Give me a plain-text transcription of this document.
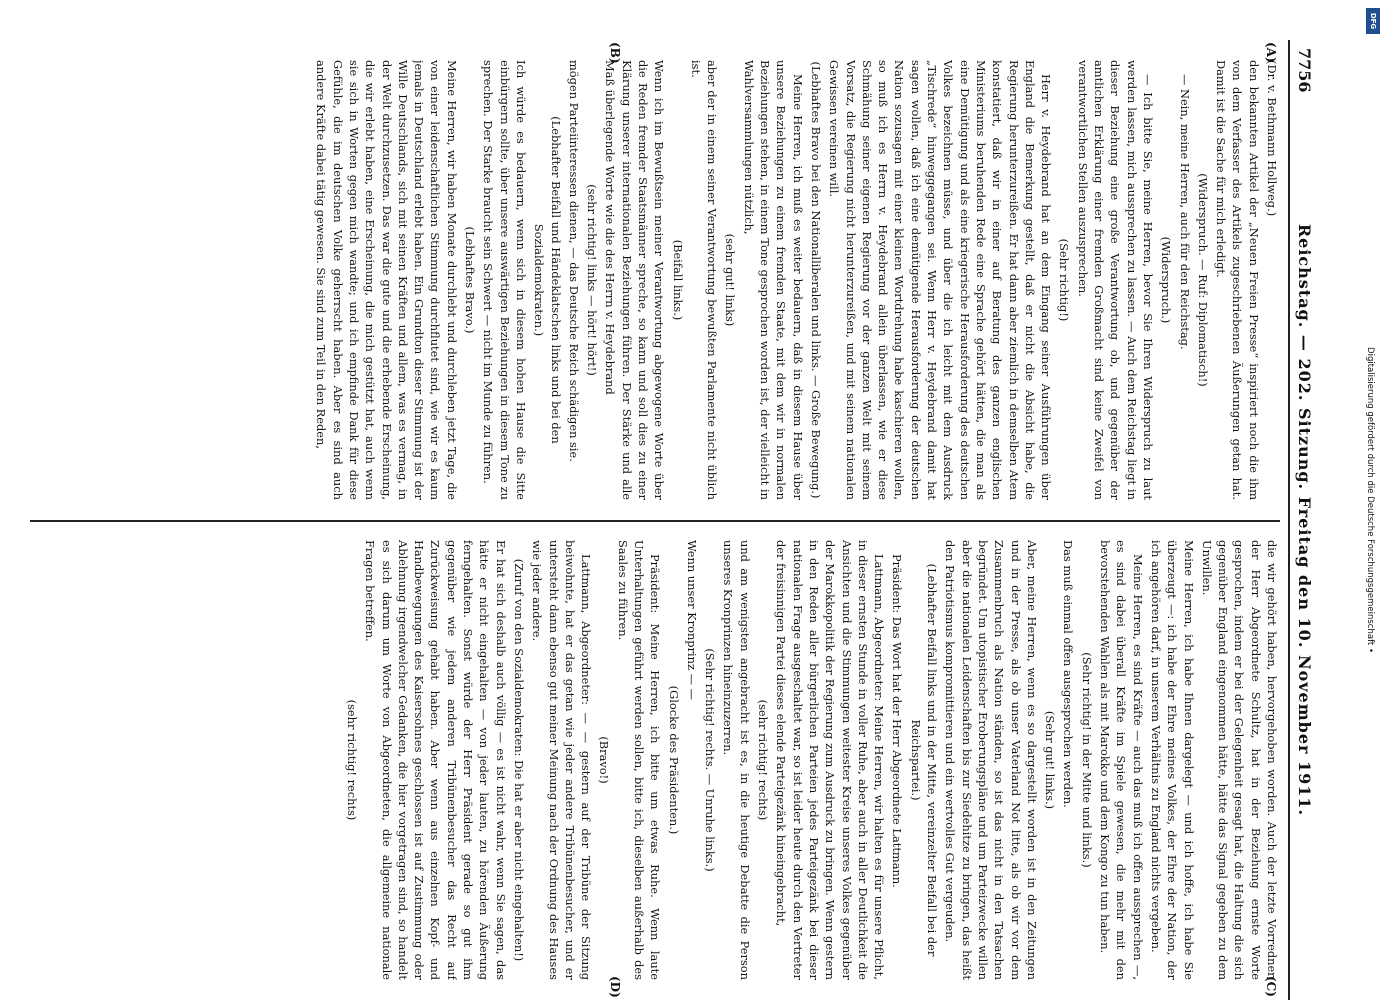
7756
Reichstag. — 202. Sitzung. Freitag den 10. November 1911.
(A)
(B)
(C)
(D)

(Dr. v. Bethmann Hollweg.)

den bekannten Artikel der „Neuen Freien Presse“ inspiriert noch die ihm von dem Verfasser des Artikels zugeschriebenen Äußerungen getan hat. Damit ist die Sache für mich erledigt.

(Widerspruch. — Ruf: Diplomatisch!)

— Nein, meine Herren, auch für den Reichstag.

(Widerspruch.)

— Ich bitte Sie, meine Herren, bevor Sie Ihren Widerspruch zu laut werden lassen, mich aussprechen zu lassen. — Auch dem Reichstag liegt in dieser Beziehung eine große Verantwortung ob, und gegenüber der amtlichen Erklärung einer fremden Großmacht sind keine Zweifel von verantwortlichen Stellen auszusprechen.

(Sehr richtig!)

Herr v. Heydebrand hat an dem Eingang seiner Ausführungen über England die Bemerkung gestellt, daß er nicht die Absicht habe, die Regierung herunterzureißen. Er hat dann aber ziemlich in demselben Atem konstatiert, daß wir in einer auf Beratung des ganzen englischen Ministeriums beruhenden Rede eine Sprache gehört hätten, die man als eine Demütigung und als eine kriegerische Herausforderung des deutschen Volkes bezeichnen müsse, und über die ich leicht mit dem Ausdruck „Tischrede“ hinweggegangen sei. Wenn Herr v. Heydebrand damit hat sagen wollen, daß ich eine demütigende Herausforderung der deutschen Nation sozusagen mit einer kleinen Wortdrehung habe kaschieren wollen, so muß ich es Herrn v. Heydebrand allein überlassen, wie er diese Schmähung seiner eigenen Regierung vor der ganzen Welt mit seinem Vorsatz, die Regierung nicht herunterzureißen, und mit seinem nationalen Gewissen vereinen will.

(Lebhaftes Bravo bei den Nationalliberalen und links. — Große Bewegung.)

Meine Herren, ich muß es weiter bedauern, daß in diesem Hause über unsere Beziehungen zu einem fremden Staate, mit dem wir in normalen Beziehungen stehen, in einem Tone gesprochen worden ist, der vielleicht in Wahlversammlungen nützlich,

(sehr gut! links)

aber der in einem seiner Verantwortung bewußten Parlamente nicht üblich ist.

(Beifall links.)

Wenn ich im Bewußtsein meiner Verantwortung abgewogene Worte über die Reden fremder Staatsmänner spreche, so kann und soll dies zu einer Klärung unserer internationalen Beziehungen führen. Der Stärke und alle Maß überlegende Worte wie die des Herrn v. Heydebrand

(sehr richtig! links — hört! hört!)

mögen Parteiinteressen dienen, — das Deutsche Reich schädigen sie.

(Lebhafter Beifall und Händeklatschen links und bei den Sozialdemokraten.)

Ich würde es bedauern, wenn sich in diesem hohen Hause die Sitte einbürgern sollte, über unsere auswärtigen Beziehungen in diesem Tone zu sprechen. Der Starke braucht sein Schwert — nicht im Munde zu führen.

(Lebhaftes Bravo.)

Meine Herren, wir haben Monate durchlebt und durchleben jetzt Tage, die von einer leidenschaftlichen Stimmung durchflutet sind, wie wir es kaum jemals in Deutschland erlebt haben. Ein Grundton dieser Stimmung ist der Wille Deutschlands, sich mit seinen Kräften und allem, was es vermag, in der Welt durchzusetzen. Das war die gute und die erhebende Erscheinung, die wir erlebt haben, eine Erscheinung, die mich gestützt hat, auch wenn sie sich in Worten gegen mich wandte; und ich empfinde Dank für diese Gefühle, die im deutschen Volke geherrscht haben. Aber es sind auch andere Kräfte dabei tätig gewesen. Sie sind zum Teil in den Reden,

die wir gehört haben, hervorgehoben worden. Auch der letzte Vorredner, der Herr Abgeordnete Schultz, hat in der Beziehung ernste Worte gesprochen, indem er bei der Gelegenheit gesagt hat, die Haltung die sich gegenüber England eingenommen hätte, hätte das Signal gegeben zu dem Unwillen.

Meine Herren, ich habe Ihnen dargelegt — und ich hoffe, ich habe Sie überzeugt —: ich habe der Ehre meines Volkes, der Ehre der Nation, der ich angehören darf, in unserem Verhältnis zu England nichts vergeben.

Meine Herren, es sind Kräfte — auch das muß ich offen aussprechen —, es sind dabei überall Kräfte im Spiele gewesen, die mehr mit den bevorstehenden Wahlen als mit Marokko und dem Kongo zu tun haben.

(Sehr richtig! in der Mitte und links.)

Das muß einmal offen ausgesprochen werden.

(Sehr gut! links.)

Aber, meine Herren, wenn es so dargestellt worden ist in den Zeitungen und in der Presse, als ob unser Vaterland Not litte, als ob wir vor dem Zusammenbruch als Nation ständen, so ist das nicht in den Tatsachen begründet. Um utopistischer Eroberungspläne und um Parteizwecke willen aber die nationalen Leidenschaften bis zur Siedehitze zu bringen, das heißt den Patriotismus kompromittieren und ein wertvolles Gut vergeuden.

(Lebhafter Beifall links und in der Mitte, vereinzelter Beifall bei der Reichspartei.)

Präsident: Das Wort hat der Herr Abgeordnete Lattmann.

Lattmann, Abgeordneter: Meine Herren, wir halten es für unsere Pflicht, in dieser ernsten Stunde in voller Ruhe, aber auch in aller Deutlichkeit die Ansichten und die Stimmungen weitester Kreise unseres Volkes gegenüber der Marokkopolitik der Regierung zum Ausdruck zu bringen. Wenn gestern in den Reden aller bürgerlichen Parteien jedes Parteigezänk bei dieser nationalen Frage ausgeschaltet war, so ist leider heute durch den Vertreter der freisinnigen Partei dieses elende Parteigezänk hineingebracht,

(sehr richtig! rechts)

und am wenigsten angebracht ist es, in die heutige Debatte die Person unseres Kronprinzen hineinzuzerren.

(Sehr richtig! rechts. — Unruhe links.)

Wenn unser Kronprinz — —

(Glocke des Präsidenten.)

Präsident: Meine Herren, ich bitte um etwas Ruhe. Wenn laute Unterhaltungen geführt werden sollen, bitte ich, dieselben außerhalb des Saales zu führen.

(Bravo!)

Lattmann, Abgeordneter: — — gestern auf der Tribüne der Sitzung beiwohnte, hat er das getan wie jeder andere Tribünenbesucher, und er untersteht dann ebenso gut meiner Meinung nach der Ordnung des Hauses wie jeder andere.

(Zuruf von den Sozialdemokraten: Die hat er aber nicht eingehalten!)

Er hat sich deshalb auch völlig — es ist nicht wahr, wenn Sie sagen, das hätte er nicht eingehalten — von jeder lauten, zu hörenden Äußerung ferngehalten. Sonst würde der Herr Präsident gerade so gut ihm gegenüber wie jedem anderen Tribünenbesucher das Recht auf Zurückweisung gehabt haben. Aber wenn aus einzelnen Kopf- und Handbewegungen des Kaisersohnes geschlossen ist auf Zustimmung oder Ablehnung irgendwelcher Gedanken, die hier vorgetragen sind, so handelt es sich darum um Worte von Abgeordneten, die allgemeine nationale Fragen betreffen.

(sehr richtig! rechts)

Digitalisierung gefördert durch die Deutsche Forschungsgemeinschaft •
DFG
